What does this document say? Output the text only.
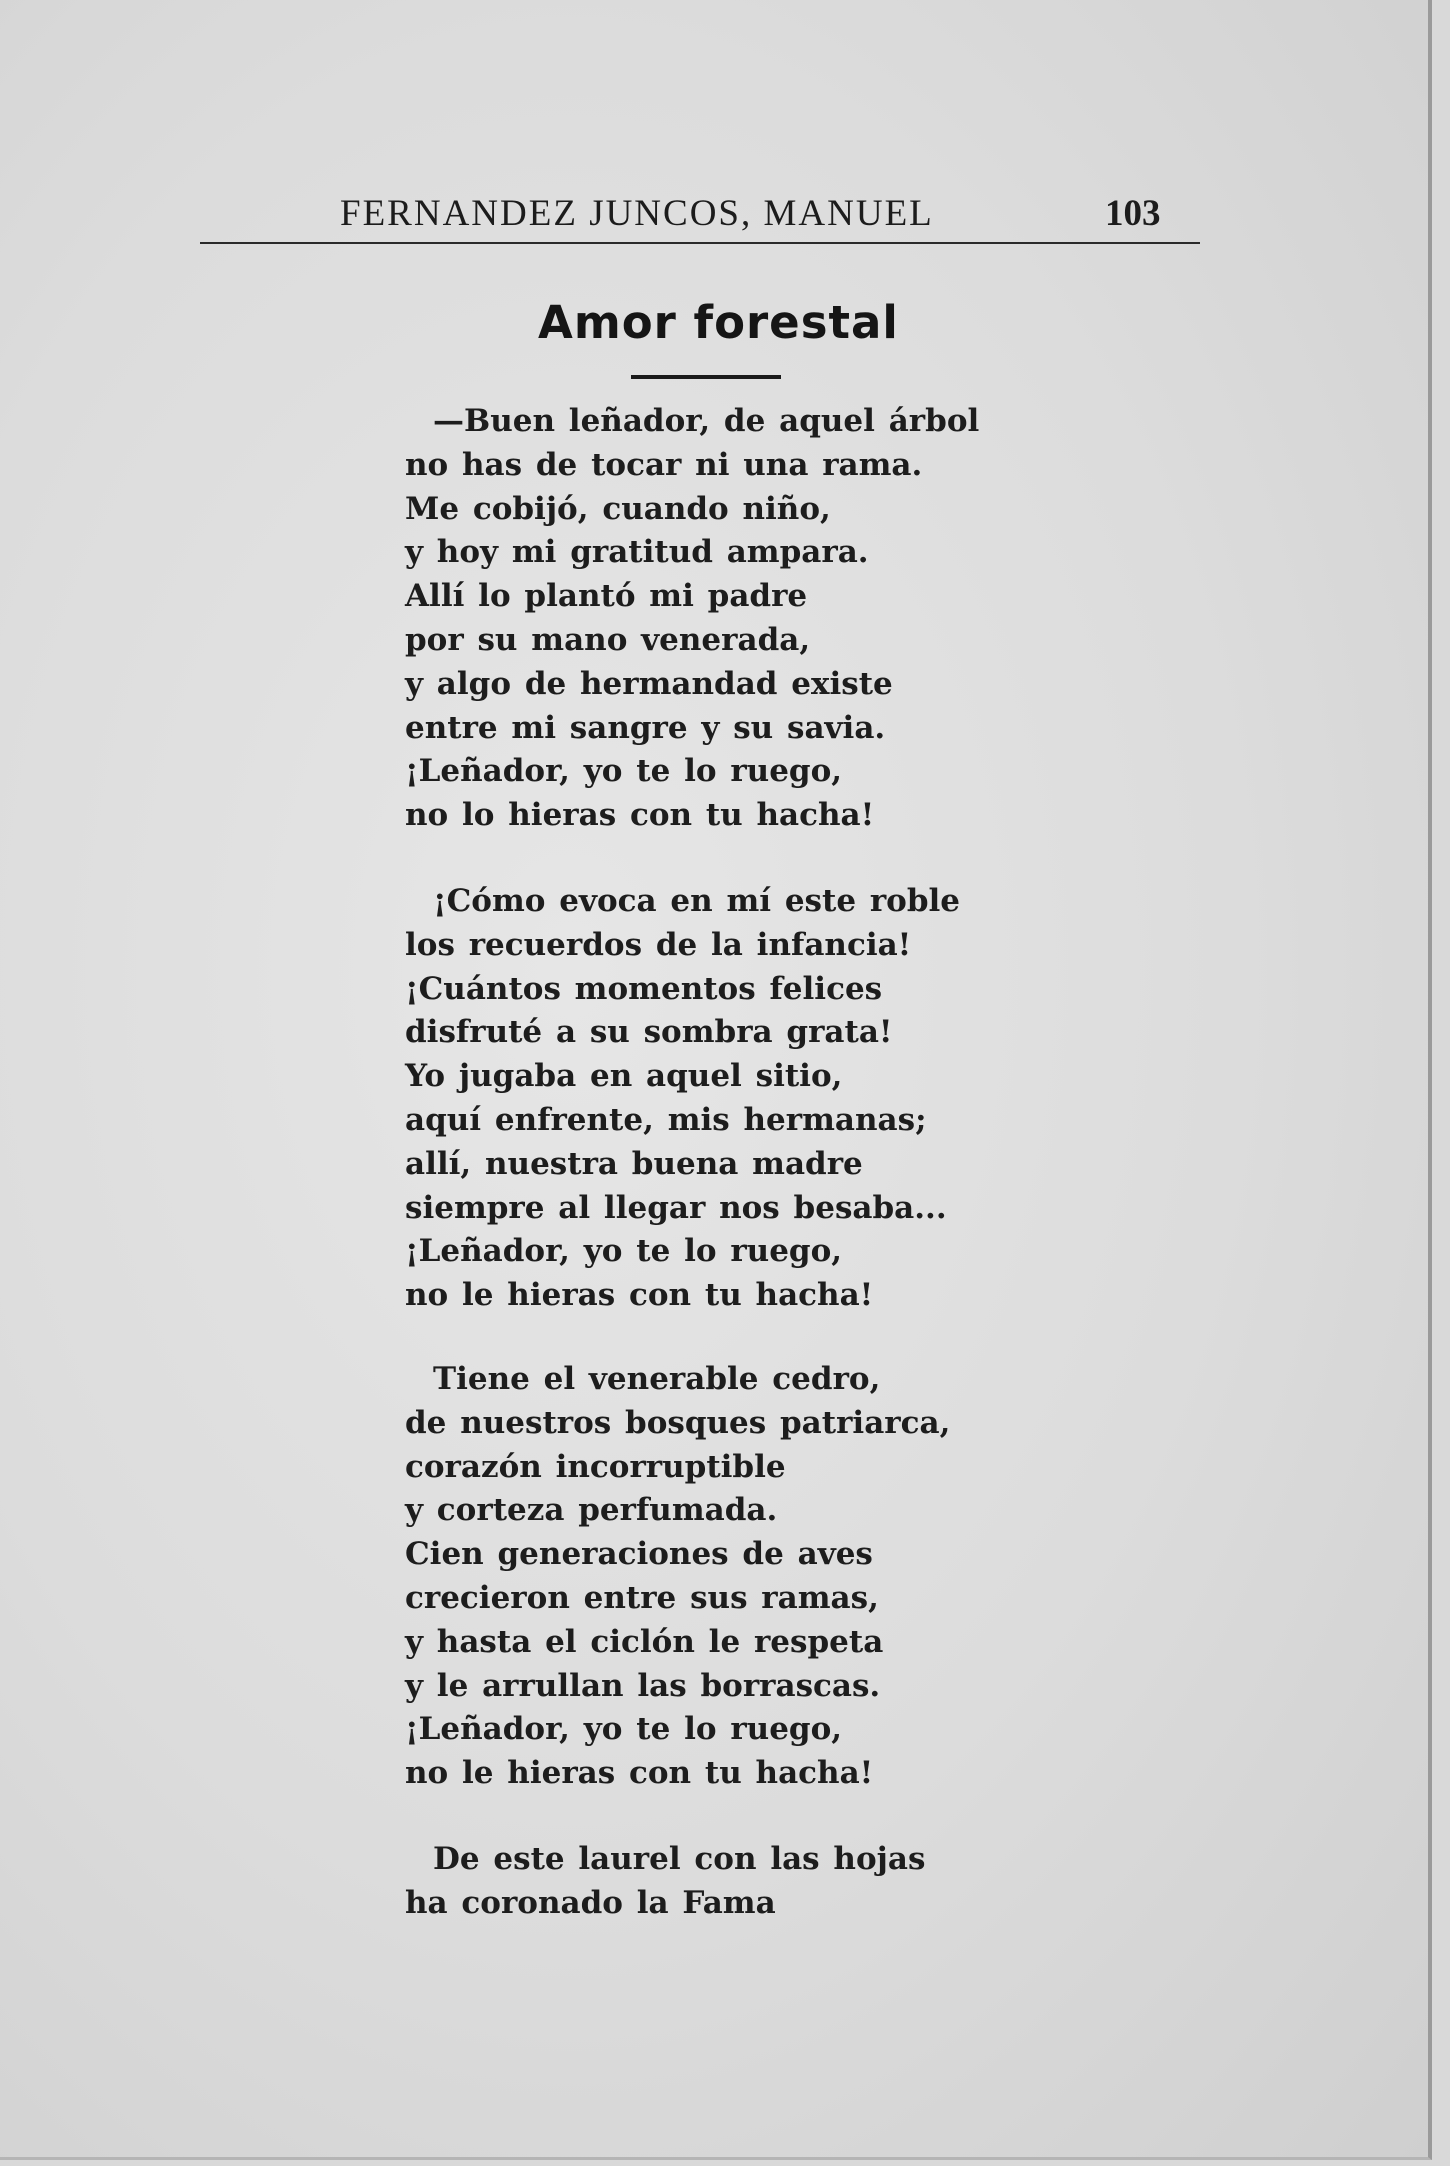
FERNANDEZ JUNCOS, MANUEL	103
Amor forestal
—Buen leñador, de aquel árbol
no has de tocar ni una rama.
Me cobijó, cuando niño,
y hoy mi gratitud ampara.
Allí lo plantó mi padre
por su mano venerada,
y algo de hermandad existe
entre mi sangre y su savia.
¡Leñador, yo te lo ruego,
no lo hieras con tu hacha!
¡Cómo evoca en mí este roble
los recuerdos de la infancia!
¡Cuántos momentos felices
disfruté a su sombra grata!
Yo jugaba en aquel sitio,
aquí enfrente, mis hermanas;
allí, nuestra buena madre
siempre al llegar nos besaba...
¡Leñador, yo te lo ruego,
no le hieras con tu hacha!
Tiene el venerable cedro,
de nuestros bosques patriarca,
corazón incorruptible
y corteza perfumada.
Cien generaciones de aves
crecieron entre sus ramas,
y hasta el ciclón le respeta
y le arrullan las borrascas.
¡Leñador, yo te lo ruego,
no le hieras con tu hacha!
De este laurel con las hojas
ha coronado la Fama
